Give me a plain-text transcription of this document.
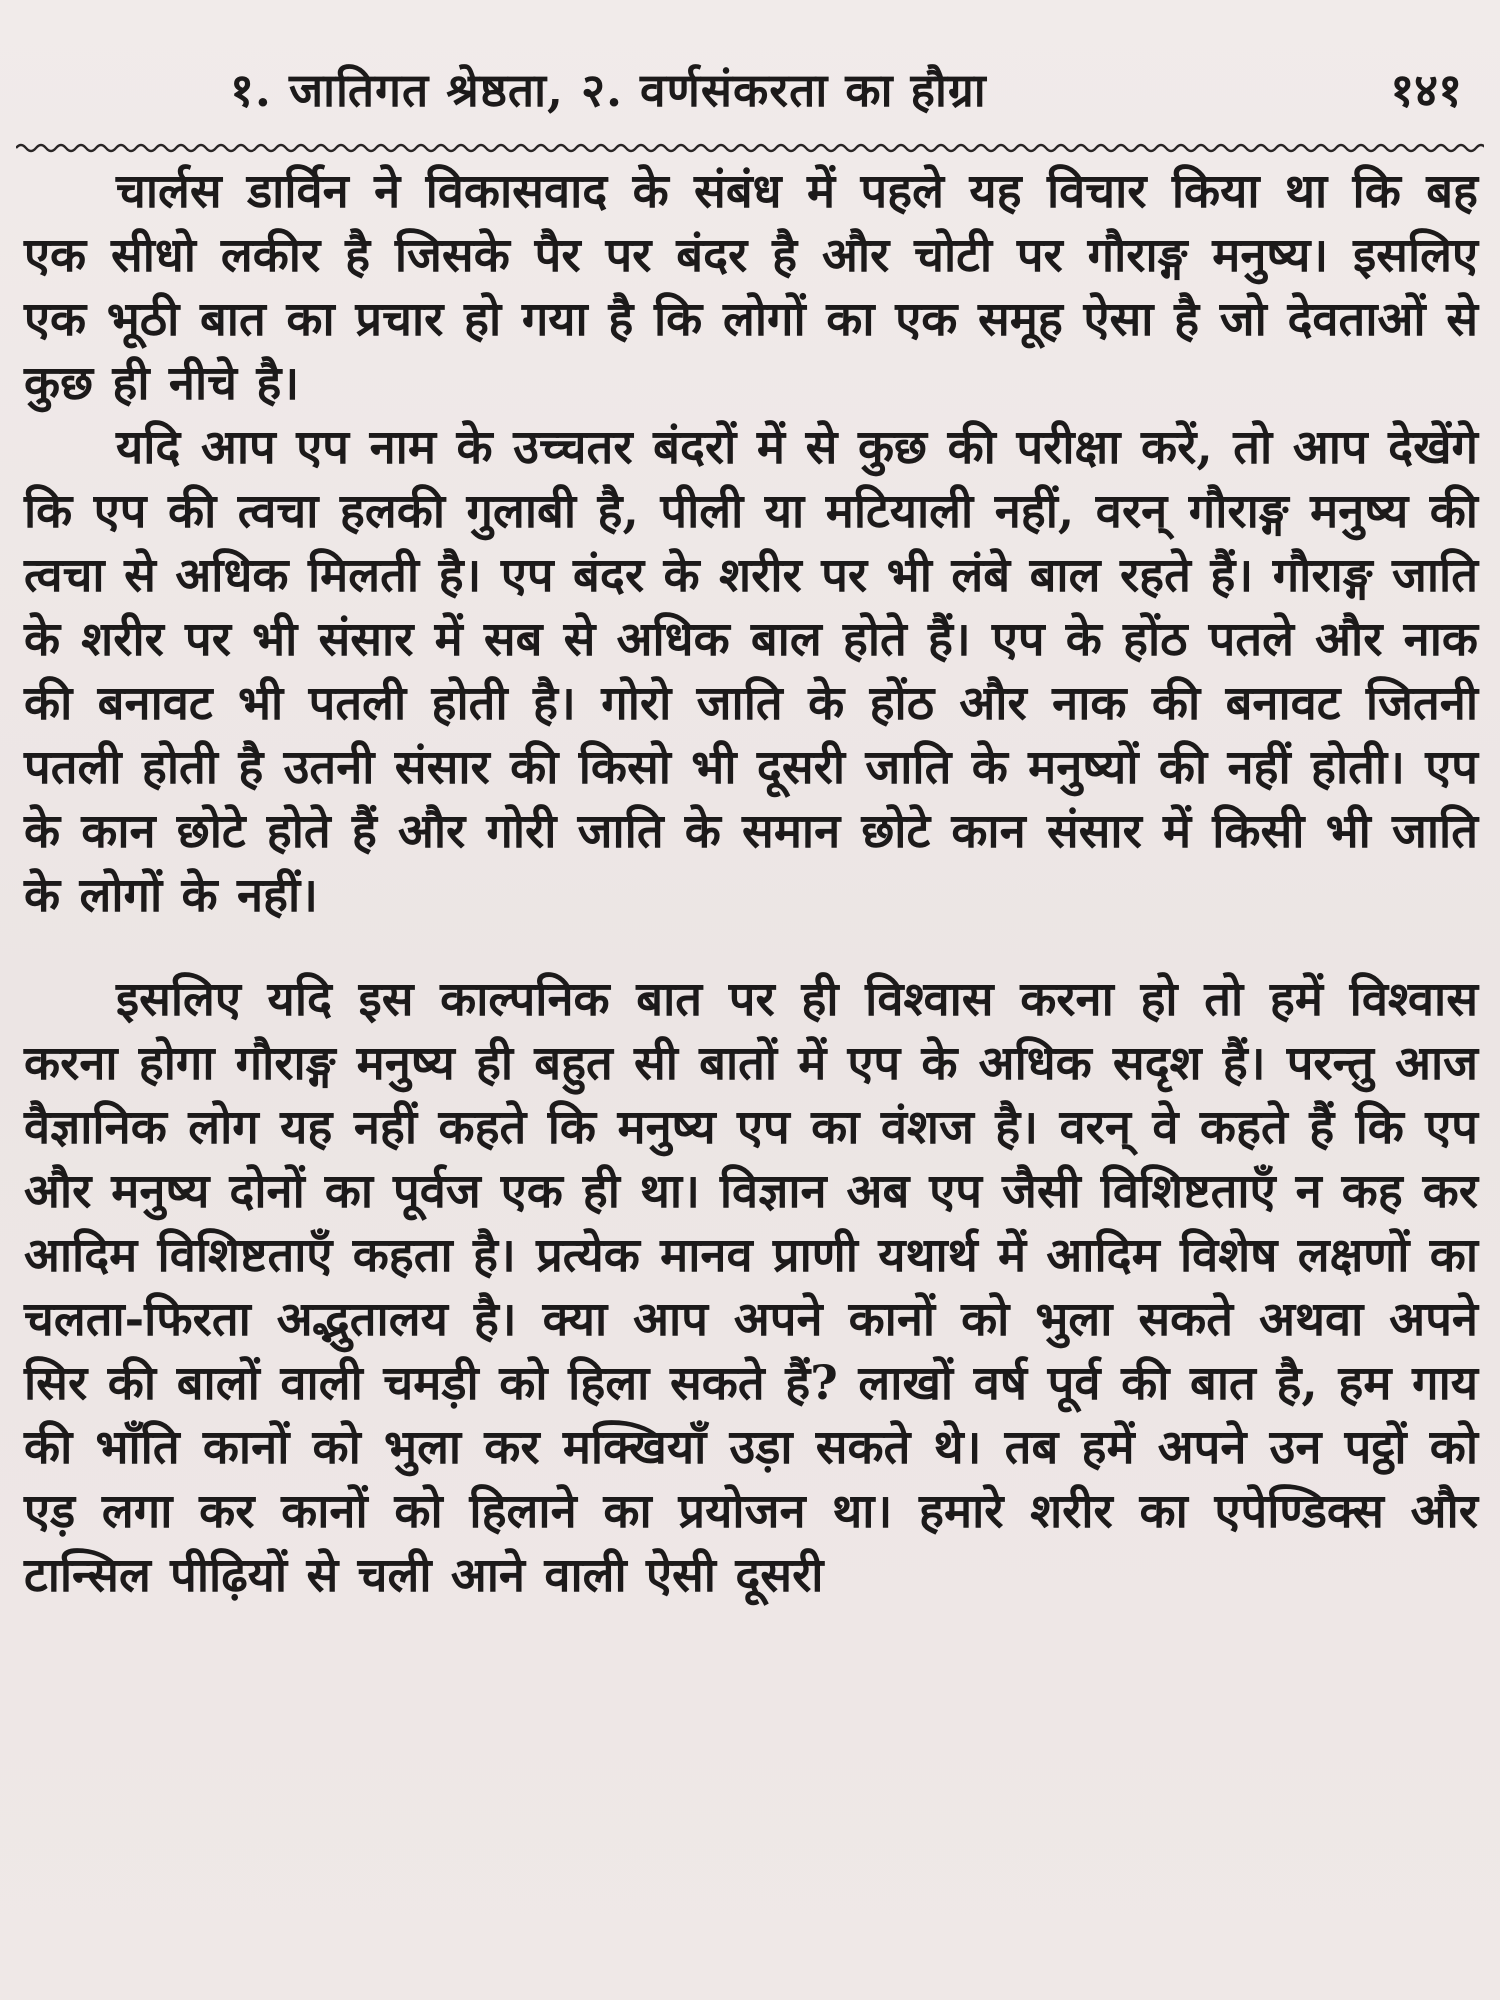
१. जातिगत श्रेष्ठता, २. वर्णसंकरता का हौग्रा	१४१

चार्लस डार्विन ने विकासवाद के संबंध में पहले यह विचार किया था कि बह एक सीधो लकीर है जिसके पैर पर बंदर है और चोटी पर गौराङ्ग मनुष्य। इसलिए एक भूठी बात का प्रचार हो गया है कि लोगों का एक समूह ऐसा है जो देवताओं से कुछ ही नीचे है।

यदि आप एप नाम के उच्चतर बंदरों में से कुछ की परीक्षा करें, तो आप देखेंगे कि एप की त्वचा हलकी गुलाबी है, पीली या मटियाली नहीं, वरन् गौराङ्ग मनुष्य की त्वचा से अधिक मिलती है। एप बंदर के शरीर पर भी लंबे बाल रहते हैं। गौराङ्ग जाति के शरीर पर भी संसार में सब से अधिक बाल होते हैं। एप के होंठ पतले और नाक की बनावट भी पतली होती है। गोरो जाति के होंठ और नाक की बनावट जितनी पतली होती है उतनी संसार की किसो भी दूसरी जाति के मनुष्यों की नहीं होती। एप के कान छोटे होते हैं और गोरी जाति के समान छोटे कान संसार में किसी भी जाति के लोगों के नहीं।

इसलिए यदि इस काल्पनिक बात पर ही विश्वास करना हो तो हमें विश्वास करना होगा गौराङ्ग मनुष्य ही बहुत सी बातों में एप के अधिक सदृश हैं। परन्तु आज वैज्ञानिक लोग यह नहीं कहते कि मनुष्य एप का वंशज है। वरन् वे कहते हैं कि एप और मनुष्य दोनों का पूर्वज एक ही था। विज्ञान अब एप जैसी विशिष्टताएँ न कह कर आदिम विशिष्टताएँ कहता है। प्रत्येक मानव प्राणी यथार्थ में आदिम विशेष लक्षणों का चलता-फिरता अद्भुतालय है। क्या आप अपने कानों को भुला सकते अथवा अपने सिर की बालों वाली चमड़ी को हिला सकते हैं? लाखों वर्ष पूर्व की बात है, हम गाय की भाँति कानों को भुला कर मक्खियाँ उड़ा सकते थे। तब हमें अपने उन पट्ठों को एड़ लगा कर कानों को हिलाने का प्रयोजन था। हमारे शरीर का एपेण्डिक्स और टान्सिल पीढ़ियों से चली आने वाली ऐसी दूसरी
